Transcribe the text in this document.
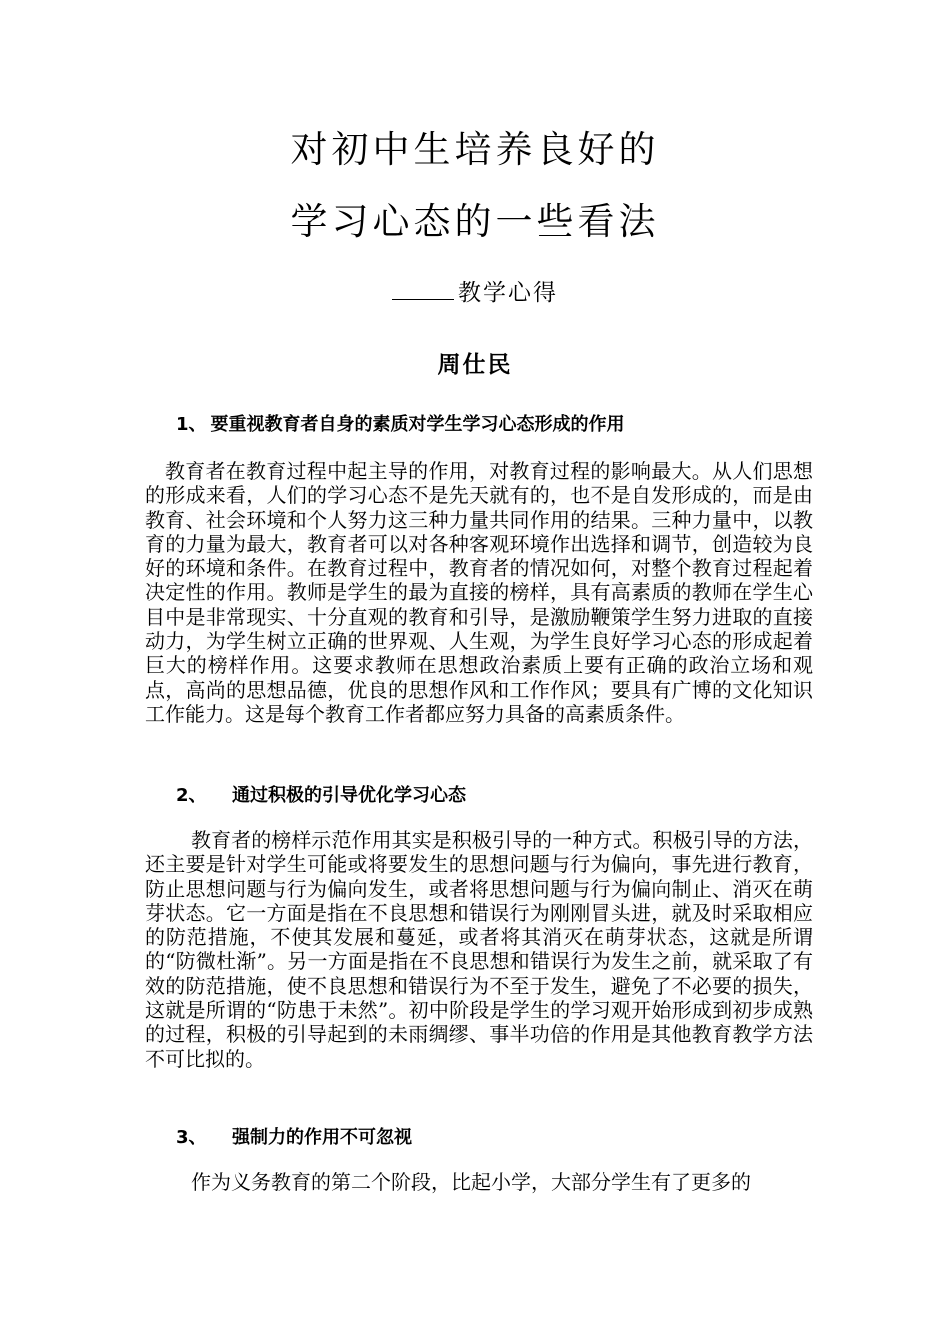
对初中生培养良好的
学习心态的一些看法
教学心得
周仕民
1、 要重视教育者自身的素质对学生学习心态形成的作用

教育者在教育过程中起主导的作用，对教育过程的影响最大。从人们思想的形成来看，人们的学习心态不是先天就有的，也不是自发形成的，而是由教育、社会环境和个人努力这三种力量共同作用的结果。三种力量中，以教育的力量为最大，教育者可以对各种客观环境作出选择和调节，创造较为良好的环境和条件。在教育过程中，教育者的情况如何，对整个教育过程起着决定性的作用。教师是学生的最为直接的榜样，具有高素质的教师在学生心目中是非常现实、十分直观的教育和引导，是激励鞭策学生努力进取的直接动力，为学生树立正确的世界观、人生观，为学生良好学习心态的形成起着巨大的榜样作用。这要求教师在思想政治素质上要有正确的政治立场和观点，高尚的思想品德，优良的思想作风和工作作风；要具有广博的文化知识工作能力。这是每个教育工作者都应努力具备的高素质条件。

2、 通过积极的引导优化学习心态

教育者的榜样示范作用其实是积极引导的一种方式。积极引导的方法，还主要是针对学生可能或将要发生的思想问题与行为偏向，事先进行教育，防止思想问题与行为偏向发生，或者将思想问题与行为偏向制止、消灭在萌芽状态。它一方面是指在不良思想和错误行为刚刚冒头进，就及时采取相应的防范措施，不使其发展和蔓延，或者将其消灭在萌芽状态，这就是所谓的“防微杜渐”。另一方面是指在不良思想和错误行为发生之前，就采取了有效的防范措施，使不良思想和错误行为不至于发生，避免了不必要的损失，这就是所谓的“防患于未然”。初中阶段是学生的学习观开始形成到初步成熟的过程，积极的引导起到的未雨绸缪、事半功倍的作用是其他教育教学方法不可比拟的。

3、 强制力的作用不可忽视

作为义务教育的第二个阶段，比起小学，大部分学生有了更多的
